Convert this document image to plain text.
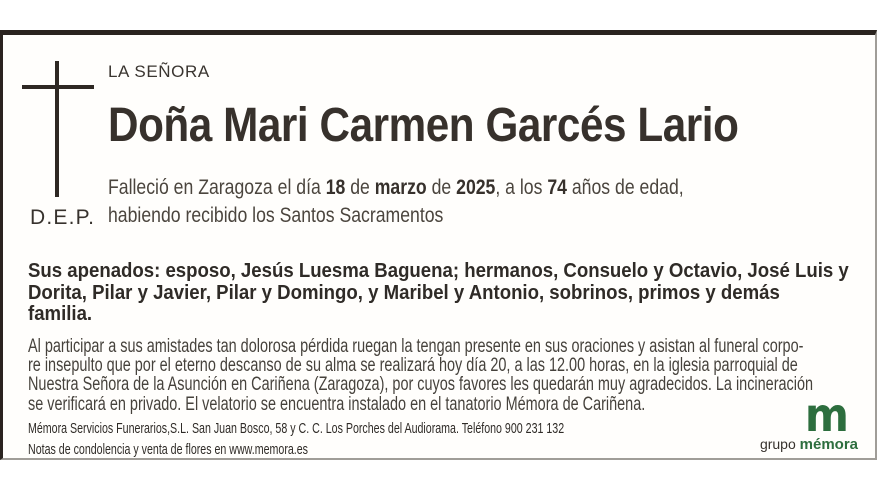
D.E.P.
LA SEÑORA
Doña Mari Carmen Garcés Lario
Falleció en Zaragoza el día 18 de marzo de 2025, a los 74 años de edad,
habiendo recibido los Santos Sacramentos
Sus apenados: esposo, Jesús Luesma Baguena; hermanos, Consuelo y Octavio, José Luis y
Dorita, Pilar y Javier, Pilar y Domingo, y Maribel y Antonio, sobrinos, primos y demás
familia.
Al participar a sus amistades tan dolorosa pérdida ruegan la tengan presente en sus oraciones y asistan al funeral corpo-
re insepulto que por el eterno descanso de su alma se realizará hoy día 20, a las 12.00 horas, en la iglesia parroquial de
Nuestra Señora de la Asunción en Cariñena (Zaragoza), por cuyos favores les quedarán muy agradecidos. La incineración
se verificará en privado. El velatorio se encuentra instalado en el tanatorio Mémora de Cariñena.
Mémora Servicios Funerarios,S.L. San Juan Bosco, 58 y C. C. Los Porches del Audiorama. Teléfono 900 231 132
Notas de condolencia y venta de flores en www.memora.es
m
grupo mémora
